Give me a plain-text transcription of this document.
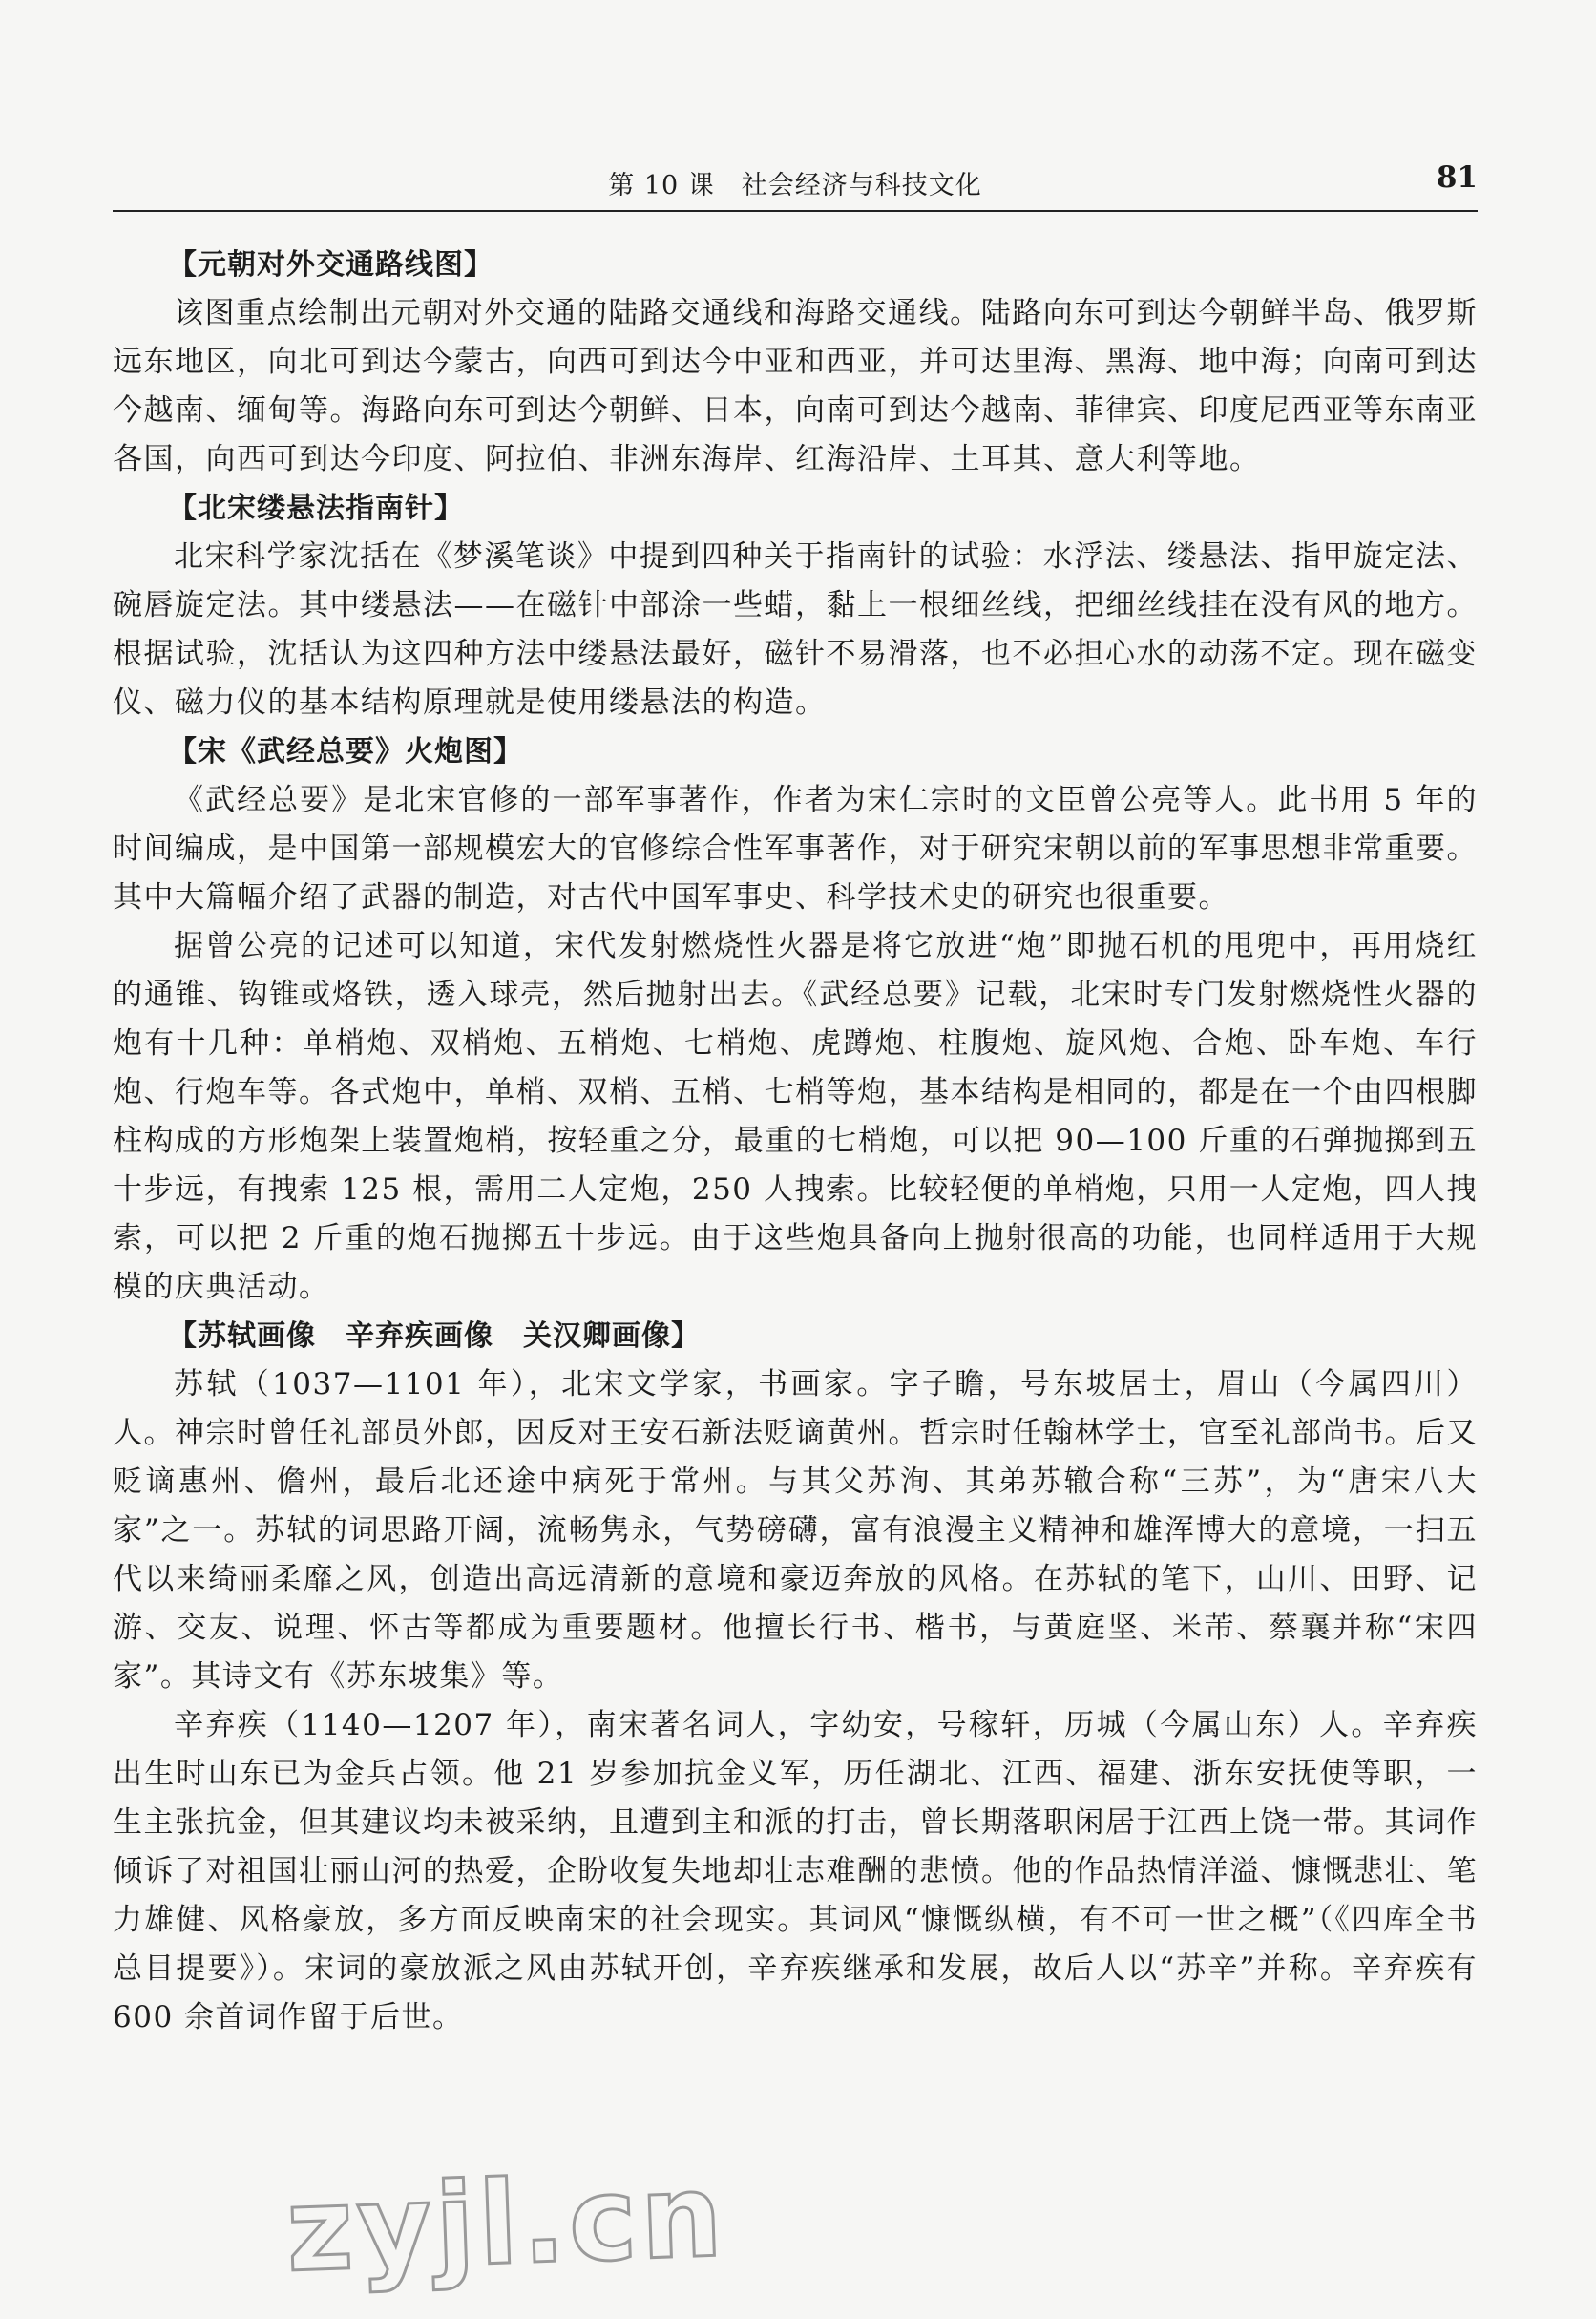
第 10 课　社会经济与科技文化	81
【元朝对外交通路线图】

该图重点绘制出元朝对外交通的陆路交通线和海路交通线。陆路向东可到达今朝鲜半岛、俄罗斯远东地区，向北可到达今蒙古，向西可到达今中亚和西亚，并可达里海、黑海、地中海；向南可到达今越南、缅甸等。海路向东可到达今朝鲜、日本，向南可到达今越南、菲律宾、印度尼西亚等东南亚各国，向西可到达今印度、阿拉伯、非洲东海岸、红海沿岸、土耳其、意大利等地。

【北宋缕悬法指南针】

北宋科学家沈括在《梦溪笔谈》中提到四种关于指南针的试验：水浮法、缕悬法、指甲旋定法、碗唇旋定法。其中缕悬法——在磁针中部涂一些蜡，黏上一根细丝线，把细丝线挂在没有风的地方。根据试验，沈括认为这四种方法中缕悬法最好，磁针不易滑落，也不必担心水的动荡不定。现在磁变仪、磁力仪的基本结构原理就是使用缕悬法的构造。

【宋《武经总要》火炮图】

《武经总要》是北宋官修的一部军事著作，作者为宋仁宗时的文臣曾公亮等人。此书用 5 年的时间编成，是中国第一部规模宏大的官修综合性军事著作，对于研究宋朝以前的军事思想非常重要。其中大篇幅介绍了武器的制造，对古代中国军事史、科学技术史的研究也很重要。

据曾公亮的记述可以知道，宋代发射燃烧性火器是将它放进“炮”即抛石机的甩兜中，再用烧红的通锥、钩锥或烙铁，透入球壳，然后抛射出去。《武经总要》记载，北宋时专门发射燃烧性火器的炮有十几种：单梢炮、双梢炮、五梢炮、七梢炮、虎蹲炮、柱腹炮、旋风炮、合炮、卧车炮、车行炮、行炮车等。各式炮中，单梢、双梢、五梢、七梢等炮，基本结构是相同的，都是在一个由四根脚柱构成的方形炮架上装置炮梢，按轻重之分，最重的七梢炮，可以把 90—100 斤重的石弹抛掷到五十步远，有拽索 125 根，需用二人定炮，250 人拽索。比较轻便的单梢炮，只用一人定炮，四人拽索，可以把 2 斤重的炮石抛掷五十步远。由于这些炮具备向上抛射很高的功能，也同样适用于大规模的庆典活动。

【苏轼画像　辛弃疾画像　关汉卿画像】

苏轼（1037—1101 年），北宋文学家，书画家。字子瞻，号东坡居士，眉山（今属四川）人。神宗时曾任礼部员外郎，因反对王安石新法贬谪黄州。哲宗时任翰林学士，官至礼部尚书。后又贬谪惠州、儋州，最后北还途中病死于常州。与其父苏洵、其弟苏辙合称“三苏”，为“唐宋八大家”之一。苏轼的词思路开阔，流畅隽永，气势磅礴，富有浪漫主义精神和雄浑博大的意境，一扫五代以来绮丽柔靡之风，创造出高远清新的意境和豪迈奔放的风格。在苏轼的笔下，山川、田野、记游、交友、说理、怀古等都成为重要题材。他擅长行书、楷书，与黄庭坚、米芾、蔡襄并称“宋四家”。其诗文有《苏东坡集》等。

辛弃疾（1140—1207 年），南宋著名词人，字幼安，号稼轩，历城（今属山东）人。辛弃疾出生时山东已为金兵占领。他 21 岁参加抗金义军，历任湖北、江西、福建、浙东安抚使等职，一生主张抗金，但其建议均未被采纳，且遭到主和派的打击，曾长期落职闲居于江西上饶一带。其词作倾诉了对祖国壮丽山河的热爱，企盼收复失地却壮志难酬的悲愤。他的作品热情洋溢、慷慨悲壮、笔力雄健、风格豪放，多方面反映南宋的社会现实。其词风“慷慨纵横，有不可一世之概”（《四库全书总目提要》）。宋词的豪放派之风由苏轼开创，辛弃疾继承和发展，故后人以“苏辛”并称。辛弃疾有 600 余首词作留于后世。

zyjl.cn
